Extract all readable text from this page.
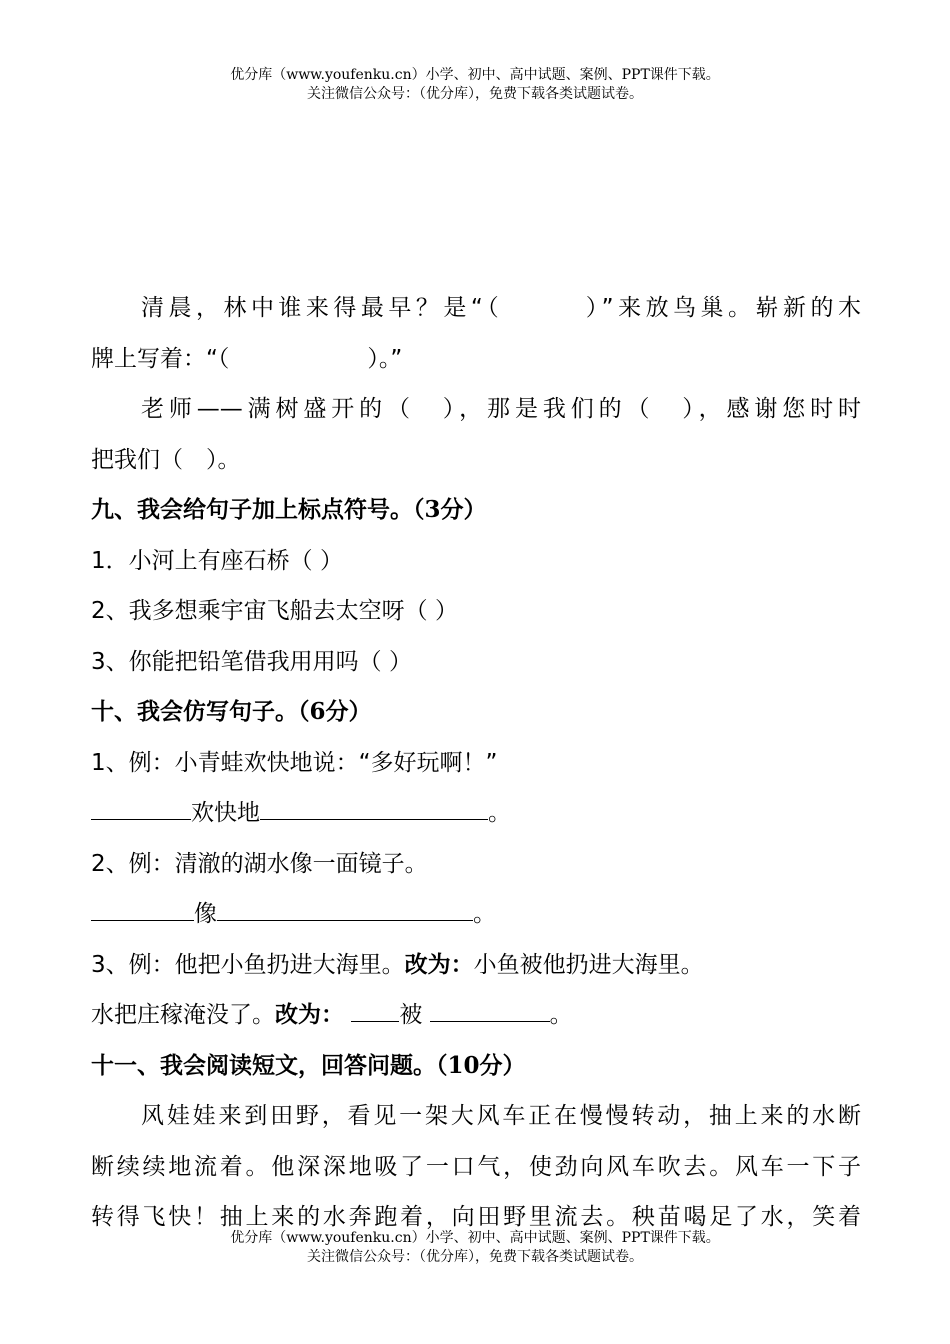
优分库（www.youfenku.cn）小学、初中、高中试题、案例、PPT课件下载。
关注微信公众号：（优分库），免费下载各类试题试卷。
清晨，林中谁来得最早？是“（　　　）”来放鸟巢。崭新的木
牌上写着：“（　　　　　　）。”
老师——满树盛开的（　），那是我们的（　），感谢您时时
把我们（　）。
九、我会给句子加上标点符号。（3分）
1．小河上有座石桥（ ）
2、我多想乘宇宙飞船去太空呀（ ）
3、你能把铅笔借我用用吗（ ）
十、我会仿写句子。（6分）
1、例：小青蛙欢快地说：“多好玩啊！”
欢快地	。
2、例：清澈的湖水像一面镜子。
像	。
3、例：他把小鱼扔进大海里。改为：小鱼被他扔进大海里。
水把庄稼淹没了。改为： 被	。
十一、我会阅读短文，回答问题。（10分）
风娃娃来到田野，看见一架大风车正在慢慢转动，抽上来的水断
断续续地流着。他深深地吸了一口气，使劲向风车吹去。风车一下子
转得飞快！抽上来的水奔跑着，向田野里流去。秧苗喝足了水，笑着
优分库（www.youfenku.cn）小学、初中、高中试题、案例、PPT课件下载。
关注微信公众号：（优分库），免费下载各类试题试卷。
